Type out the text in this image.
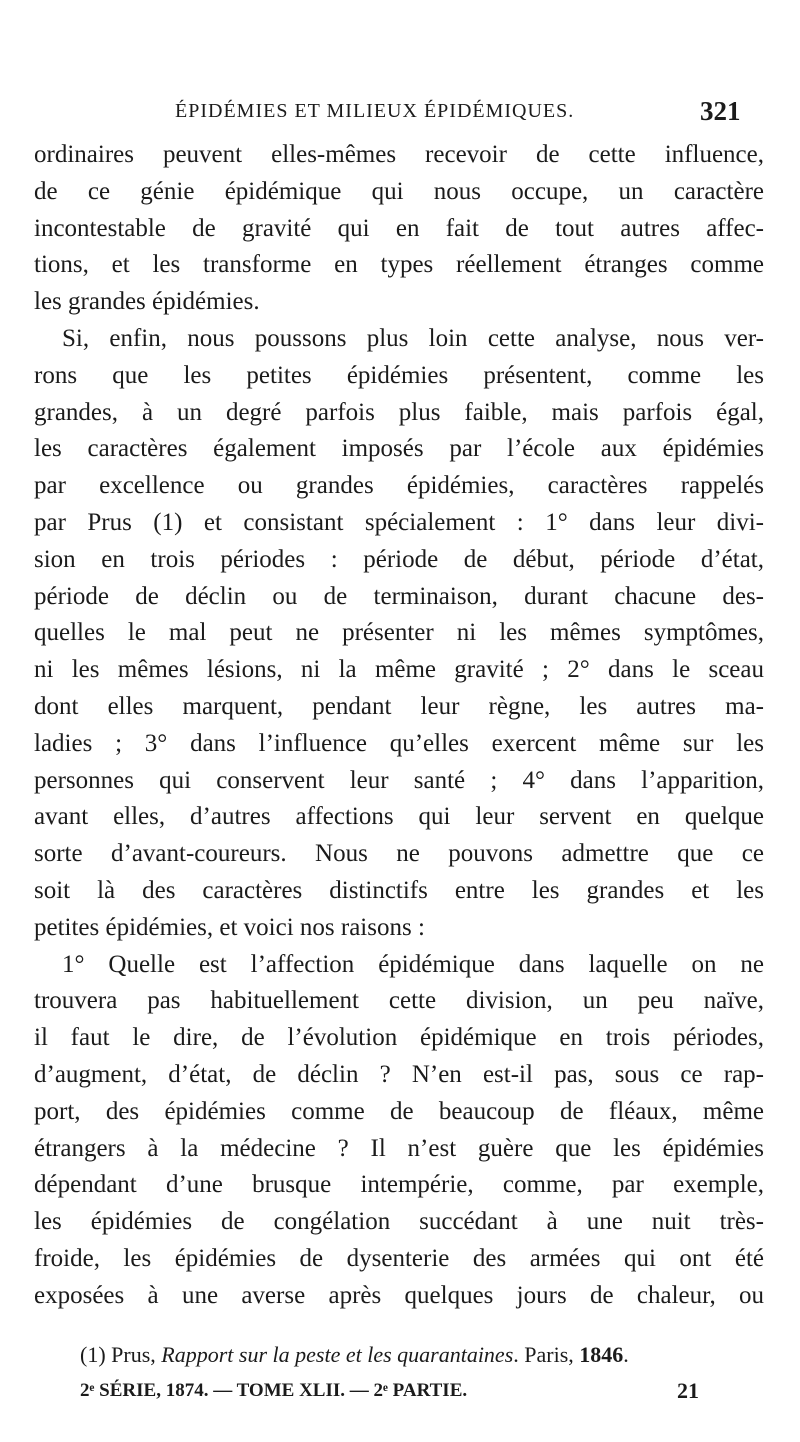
ÉPIDÉMIES ET MILIEUX ÉPIDÉMIQUES.	321
ordinaires peuvent elles-mêmes recevoir de cette influence,
de ce génie épidémique qui nous occupe, un caractère
incontestable de gravité qui en fait de tout autres affec-
tions, et les transforme en types réellement étranges comme
les grandes épidémies.
Si, enfin, nous poussons plus loin cette analyse, nous ver-
rons que les petites épidémies présentent, comme les
grandes, à un degré parfois plus faible, mais parfois égal,
les caractères également imposés par l’école aux épidémies
par excellence ou grandes épidémies, caractères rappelés
par Prus (1) et consistant spécialement : 1° dans leur divi-
sion en trois périodes : période de début, période d’état,
période de déclin ou de terminaison, durant chacune des-
quelles le mal peut ne présenter ni les mêmes symptômes,
ni les mêmes lésions, ni la même gravité ; 2° dans le sceau
dont elles marquent, pendant leur règne, les autres ma-
ladies ; 3° dans l’influence qu’elles exercent même sur les
personnes qui conservent leur santé ; 4° dans l’apparition,
avant elles, d’autres affections qui leur servent en quelque
sorte d’avant-coureurs. Nous ne pouvons admettre que ce
soit là des caractères distinctifs entre les grandes et les
petites épidémies, et voici nos raisons :
1° Quelle est l’affection épidémique dans laquelle on ne
trouvera pas habituellement cette division, un peu naïve,
il faut le dire, de l’évolution épidémique en trois périodes,
d’augment, d’état, de déclin ? N’en est-il pas, sous ce rap-
port, des épidémies comme de beaucoup de fléaux, même
étrangers à la médecine ? Il n’est guère que les épidémies
dépendant d’une brusque intempérie, comme, par exemple,
les épidémies de congélation succédant à une nuit très-
froide, les épidémies de dysenterie des armées qui ont été
exposées à une averse après quelques jours de chaleur, ou
(1) Prus, Rapport sur la peste et les quarantaines. Paris, 1846.
2ᵉ SÉRIE, 1874. — TOME XLII. — 2ᵉ PARTIE.	21
